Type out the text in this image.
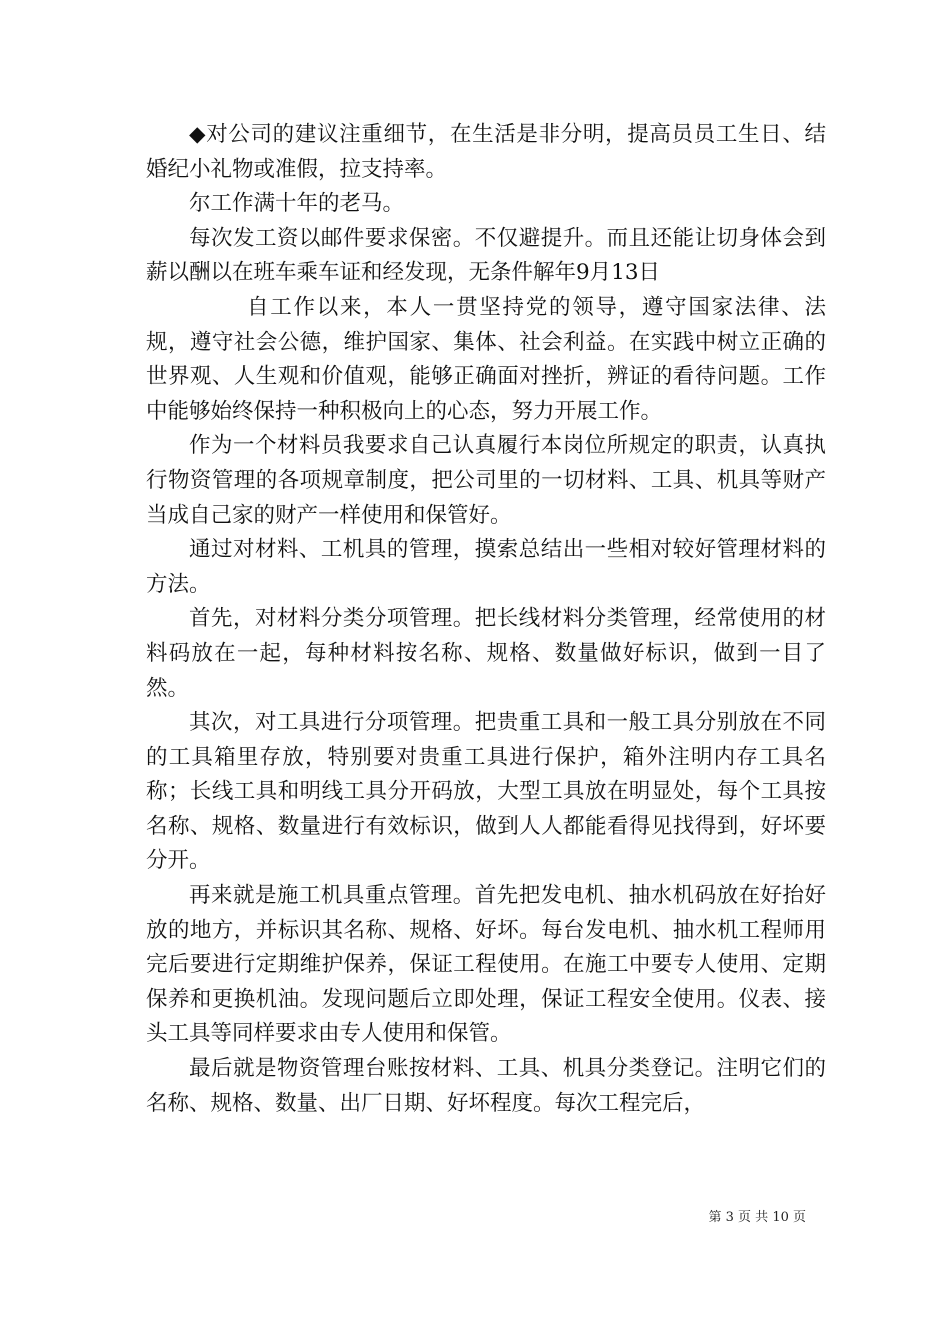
◆对公司的建议注重细节，在生活是非分明，提高员员工生日、结婚纪小礼物或准假，拉支持率。

尔工作满十年的老马。

每次发工资以邮件要求保密。不仅避提升。而且还能让切身体会到薪以酬以在班车乘车证和经发现，无条件解年9月13日

自工作以来，本人一贯坚持党的领导，遵守国家法律、法规，遵守社会公德，维护国家、集体、社会利益。在实践中树立正确的世界观、人生观和价值观，能够正确面对挫折，辨证的看待问题。工作中能够始终保持一种积极向上的心态，努力开展工作。

作为一个材料员我要求自己认真履行本岗位所规定的职责，认真执行物资管理的各项规章制度，把公司里的一切材料、工具、机具等财产当成自己家的财产一样使用和保管好。

通过对材料、工机具的管理，摸索总结出一些相对较好管理材料的方法。

首先，对材料分类分项管理。把长线材料分类管理，经常使用的材料码放在一起，每种材料按名称、规格、数量做好标识，做到一目了然。

其次，对工具进行分项管理。把贵重工具和一般工具分别放在不同的工具箱里存放，特别要对贵重工具进行保护，箱外注明内存工具名称；长线工具和明线工具分开码放，大型工具放在明显处，每个工具按名称、规格、数量进行有效标识，做到人人都能看得见找得到，好坏要分开。

再来就是施工机具重点管理。首先把发电机、抽水机码放在好抬好放的地方，并标识其名称、规格、好坏。每台发电机、抽水机工程师用完后要进行定期维护保养，保证工程使用。在施工中要专人使用、定期保养和更换机油。发现问题后立即处理，保证工程安全使用。仪表、接头工具等同样要求由专人使用和保管。

最后就是物资管理台账按材料、工具、机具分类登记。注明它们的名称、规格、数量、出厂日期、好坏程度。每次工程完后，

第 3 页 共 10 页
